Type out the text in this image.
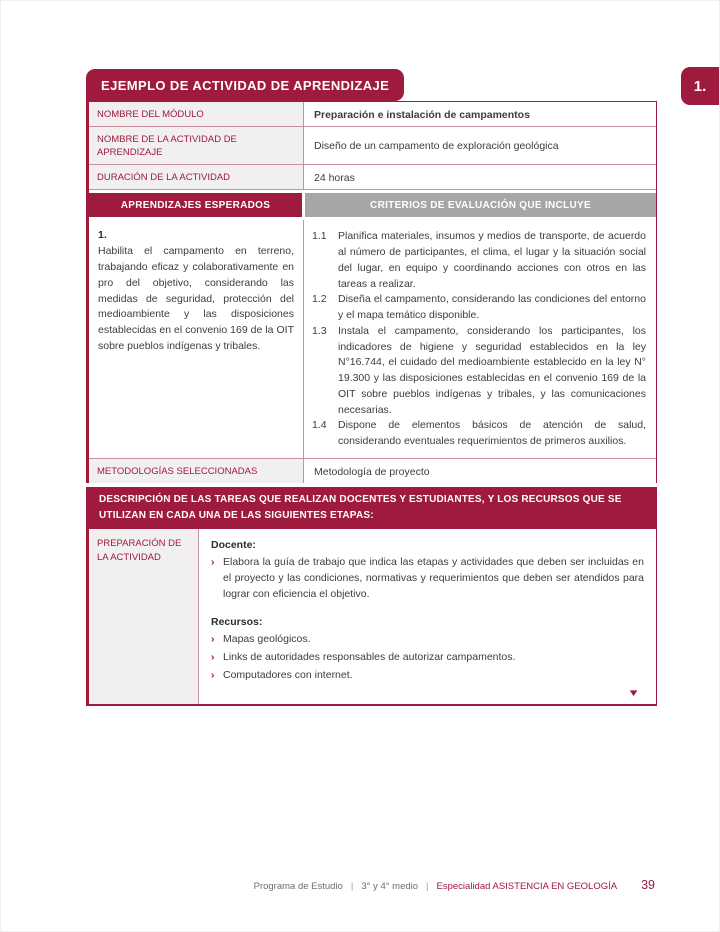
1.
EJEMPLO DE ACTIVIDAD DE APRENDIZAJE
NOMBRE DEL MÓDULO	Preparación e instalación de campamentos
NOMBRE DE LA ACTIVIDAD DE APRENDIZAJE	Diseño de un campamento de exploración geológica
DURACIÓN DE LA ACTIVIDAD	24 horas
APRENDIZAJES ESPERADOS	CRITERIOS DE EVALUACIÓN QUE INCLUYE
1.
Habilita el campamento en terreno, trabajando eficaz y colaborativamente en pro del objetivo, considerando las medidas de seguridad, protección del medioambiente y las disposiciones establecidas en el convenio 169 de la OIT sobre pueblos indígenas y tribales.
1.1	Planifica materiales, insumos y medios de transporte, de acuerdo al número de participantes, el clima, el lugar y la situación social del lugar, en equipo y coordinando acciones con otros en las tareas a realizar.
1.2	Diseña el campamento, considerando las condiciones del entorno y el mapa temático disponible.
1.3	Instala el campamento, considerando los participantes, los indicadores de higiene y seguridad establecidos en la ley N°16.744, el cuidado del medioambiente establecido en la ley N° 19.300 y las disposiciones establecidas en el convenio 169 de la OIT sobre pueblos indígenas y tribales, y las comunicaciones necesarias.
1.4	Dispone de elementos básicos de atención de salud, considerando eventuales requerimientos de primeros auxilios.
METODOLOGÍAS SELECCIONADAS	Metodología de proyecto
DESCRIPCIÓN DE LAS TAREAS QUE REALIZAN DOCENTES Y ESTUDIANTES, Y LOS RECURSOS QUE SE UTILIZAN EN CADA UNA DE LAS SIGUIENTES ETAPAS:
PREPARACIÓN DE LA ACTIVIDAD
Docente:
› Elabora la guía de trabajo que indica las etapas y actividades que deben ser incluidas en el proyecto y las condiciones, normativas y requerimientos que deben ser atendidos para lograr con eficiencia el objetivo.
Recursos:
› Mapas geológicos.
› Links de autoridades responsables de autorizar campamentos.
› Computadores con internet.
▼
Programa de Estudio | 3° y 4° medio | Especialidad ASISTENCIA EN GEOLOGÍA 39
